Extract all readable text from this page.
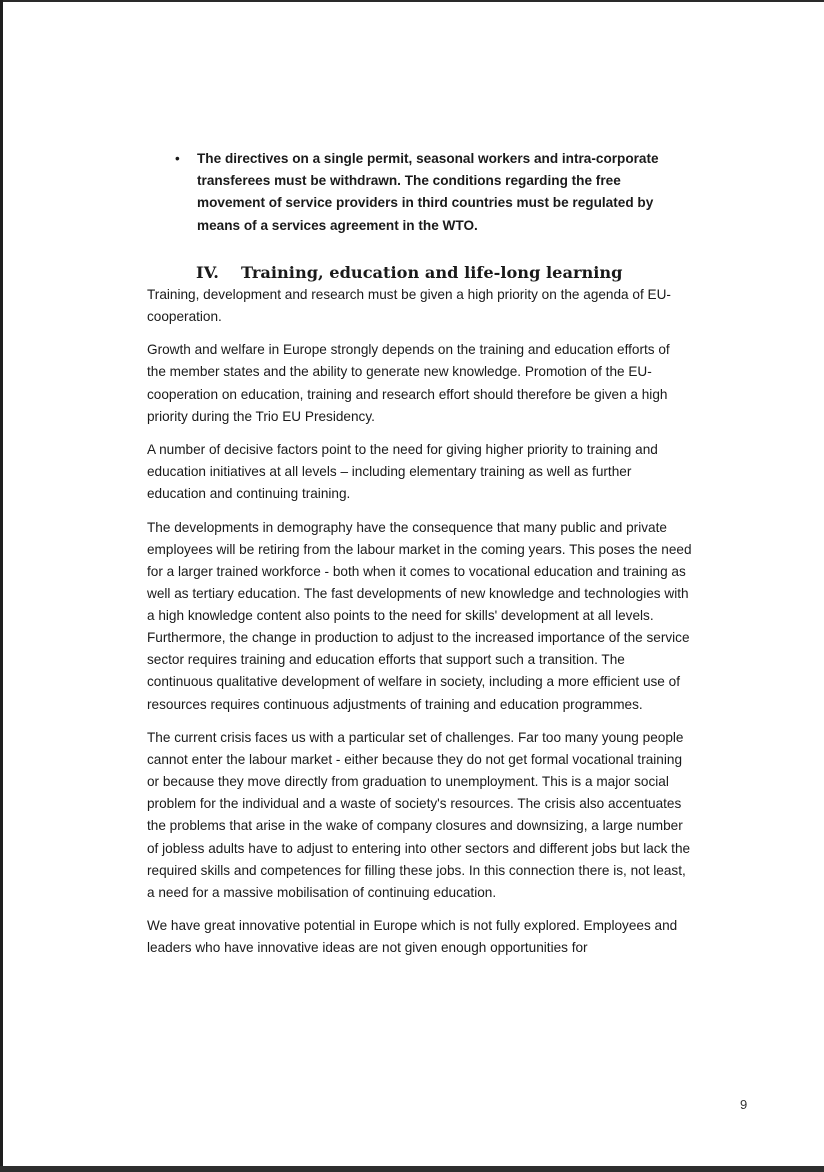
• The directives on a single permit, seasonal workers and intra-corporate transferees must be withdrawn. The conditions regarding the free movement of service providers in third countries must be regulated by means of a services agreement in the WTO.
IV. Training, education and life-long learning

Training, development and research must be given a high priority on the agenda of EU-cooperation.

Growth and welfare in Europe strongly depends on the training and education efforts of the member states and the ability to generate new knowledge. Promotion of the EU-cooperation on education, training and research effort should therefore be given a high priority during the Trio EU Presidency.

A number of decisive factors point to the need for giving higher priority to training and education initiatives at all levels – including elementary training as well as further education and continuing training.

The developments in demography have the consequence that many public and private employees will be retiring from the labour market in the coming years. This poses the need for a larger trained workforce - both when it comes to vocational education and training as well as tertiary education. The fast developments of new knowledge and technologies with a high knowledge content also points to the need for skills' development at all levels. Furthermore, the change in production to adjust to the increased importance of the service sector requires training and education efforts that support such a transition. The continuous qualitative development of welfare in society, including a more efficient use of resources requires continuous adjustments of training and education programmes.

The current crisis faces us with a particular set of challenges. Far too many young people cannot enter the labour market - either because they do not get formal vocational training or because they move directly from graduation to unemployment. This is a major social problem for the individual and a waste of society's resources. The crisis also accentuates the problems that arise in the wake of company closures and downsizing, a large number of jobless adults have to adjust to entering into other sectors and different jobs but lack the required skills and competences for filling these jobs. In this connection there is, not least, a need for a massive mobilisation of continuing education.

We have great innovative potential in Europe which is not fully explored. Employees and leaders who have innovative ideas are not given enough opportunities for

9
